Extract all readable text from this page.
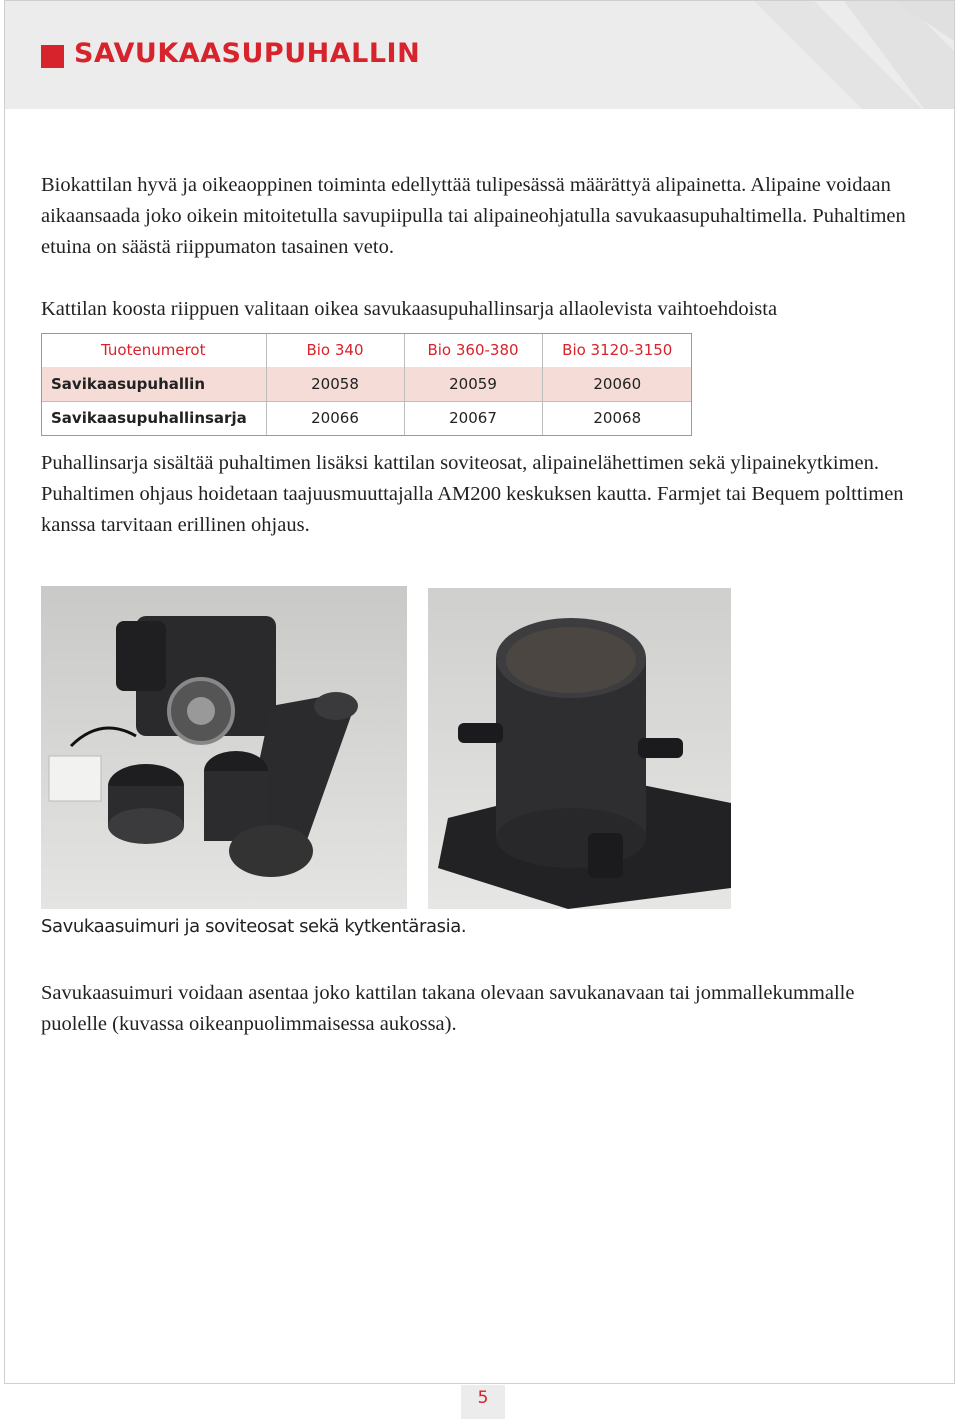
SAVUKAASUPUHALLIN

Biokattilan hyvä ja oikeaoppinen toiminta edellyttää tulipesässä määrättyä alipainetta. Alipaine voidaan aikaansaada joko oikein mitoitetulla savupiipulla tai alipaineohjatulla savukaasupuhaltimella. Puhaltimen etuina on säästä riippumaton tasainen veto.

Kattilan koosta riippuen valitaan oikea savukaasupuhallinsarja allaolevista vaihtoehdoista

Tuotenumerot	Bio 340	Bio 360-380	Bio 3120-3150
Savikaasupuhallin	20058	20059	20060
Savikaasupuhallinsarja	20066	20067	20068

Puhallinsarja sisältää puhaltimen lisäksi kattilan soviteosat, alipainelähettimen sekä ylipainekytkimen. Puhaltimen ohjaus hoidetaan taajuusmuuttajalla AM200 keskuksen kautta. Farmjet tai Bequem polttimen kanssa tarvitaan erillinen ohjaus.

Savukaasuimuri ja soviteosat sekä kytkentärasia.

Savukaasuimuri voidaan asentaa joko kattilan takana olevaan savukanavaan tai jommallekummalle puolelle (kuvassa oikeanpuolimmaisessa aukossa).

5
